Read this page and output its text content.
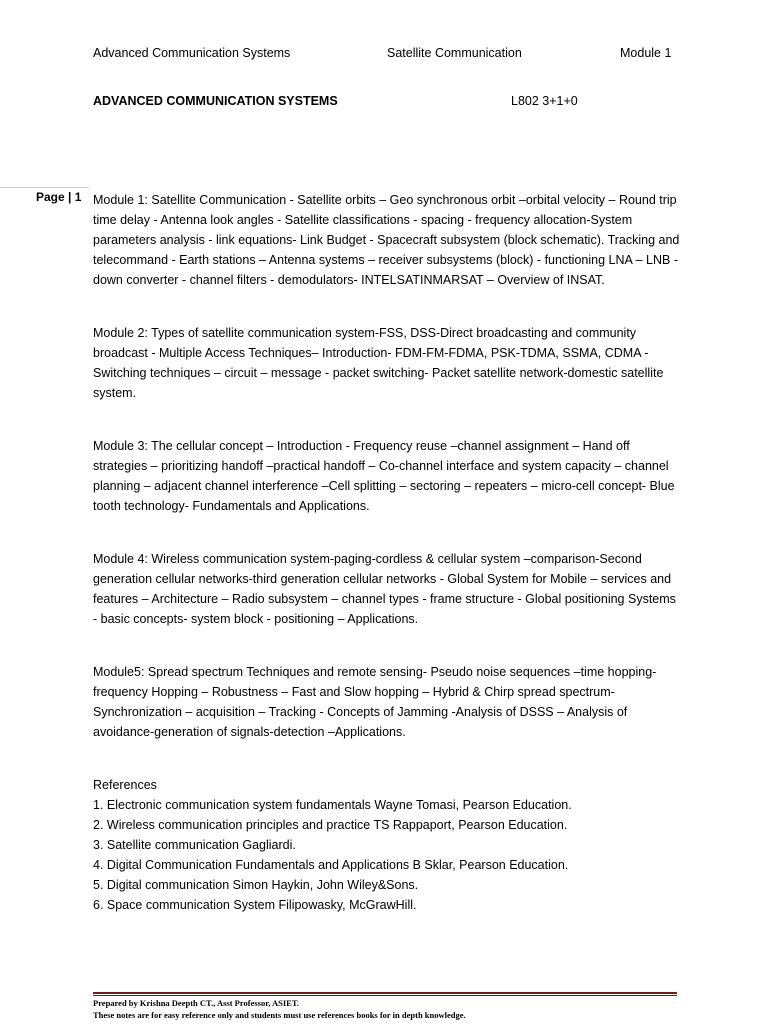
Advanced Communication Systems	Satellite Communication	Module 1
ADVANCED COMMUNICATION SYSTEMS	L802 3+1+0
Page | 1 Module 1: Satellite Communication - Satellite orbits – Geo synchronous orbit –orbital velocity – Round trip time delay - Antenna look angles - Satellite classifications - spacing - frequency allocation-System parameters analysis - link equations- Link Budget - Spacecraft subsystem (block schematic). Tracking and telecommand - Earth stations – Antenna systems – receiver subsystems (block) - functioning LNA – LNB - down converter - channel filters - demodulators- INTELSATINMARSAT – Overview of INSAT.

Module 2: Types of satellite communication system-FSS, DSS-Direct broadcasting and community broadcast - Multiple Access Techniques– Introduction- FDM-FM-FDMA, PSK-TDMA, SSMA, CDMA - Switching techniques – circuit – message - packet switching- Packet satellite network-domestic satellite system.

Module 3: The cellular concept – Introduction - Frequency reuse –channel assignment – Hand off strategies – prioritizing handoff –practical handoff – Co-channel interface and system capacity – channel planning – adjacent channel interference –Cell splitting – sectoring – repeaters – micro-cell concept- Blue tooth technology- Fundamentals and Applications.

Module 4: Wireless communication system-paging-cordless & cellular system –comparison-Second generation cellular networks-third generation cellular networks - Global System for Mobile – services and features – Architecture – Radio subsystem – channel types - frame structure - Global positioning Systems - basic concepts- system block - positioning – Applications.

Module5: Spread spectrum Techniques and remote sensing- Pseudo noise sequences –time hopping-frequency Hopping – Robustness – Fast and Slow hopping – Hybrid & Chirp spread spectrum- Synchronization – acquisition – Tracking - Concepts of Jamming -Analysis of DSSS – Analysis of avoidance-generation of signals-detection –Applications.

References
1. Electronic communication system fundamentals Wayne Tomasi, Pearson Education.
2. Wireless communication principles and practice TS Rappaport, Pearson Education.
3. Satellite communication Gagliardi.
4. Digital Communication Fundamentals and Applications B Sklar, Pearson Education.
5. Digital communication Simon Haykin, John Wiley&Sons.
6. Space communication System Filipowasky, McGrawHill.
Prepared by Krishna Deepth CT., Asst Professor, ASIET.
These notes are for easy reference only and students must use references books for in depth knowledge.
